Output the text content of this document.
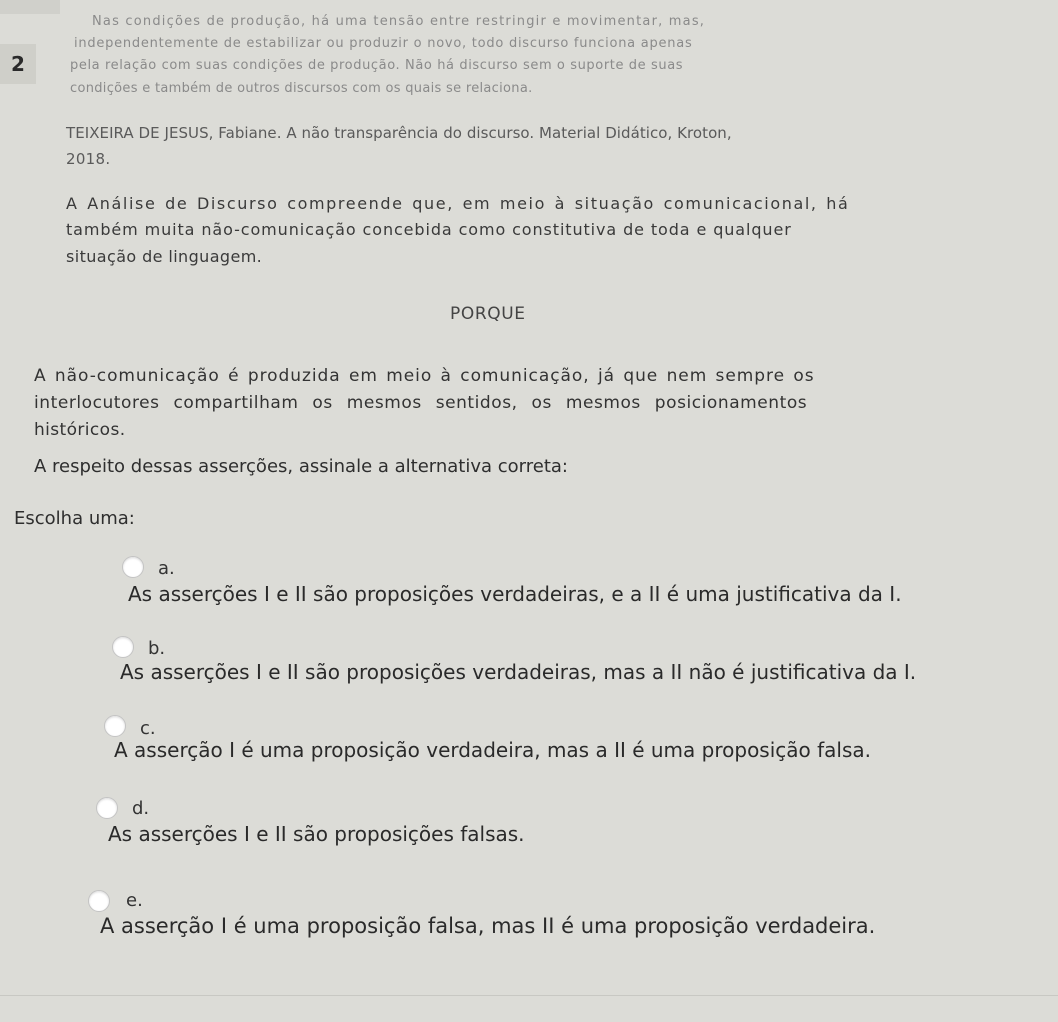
2
Nas condições de produção, há uma tensão entre restringir e movimentar, mas,
independentemente de estabilizar ou produzir o novo, todo discurso funciona apenas
pela relação com suas condições de produção. Não há discurso sem o suporte de suas
condições e também de outros discursos com os quais se relaciona.
TEIXEIRA DE JESUS, Fabiane. A não transparência do discurso. Material Didático, Kroton,
2018.
A Análise de Discurso compreende que, em meio à situação comunicacional, há
também muita não-comunicação concebida como constitutiva de toda e qualquer
situação de linguagem.
PORQUE
A não-comunicação é produzida em meio à comunicação, já que nem sempre os
interlocutores compartilham os mesmos sentidos, os mesmos posicionamentos
históricos.
A respeito dessas asserções, assinale a alternativa correta:
Escolha uma:
a.
As asserções I e II são proposições verdadeiras, e a II é uma justificativa da I.
b.
As asserções I e II são proposições verdadeiras, mas a II não é justificativa da I.
c.
A asserção I é uma proposição verdadeira, mas a II é uma proposição falsa.
d.
As asserções I e II são proposições falsas.
e.
A asserção I é uma proposição falsa, mas II é uma proposição verdadeira.
